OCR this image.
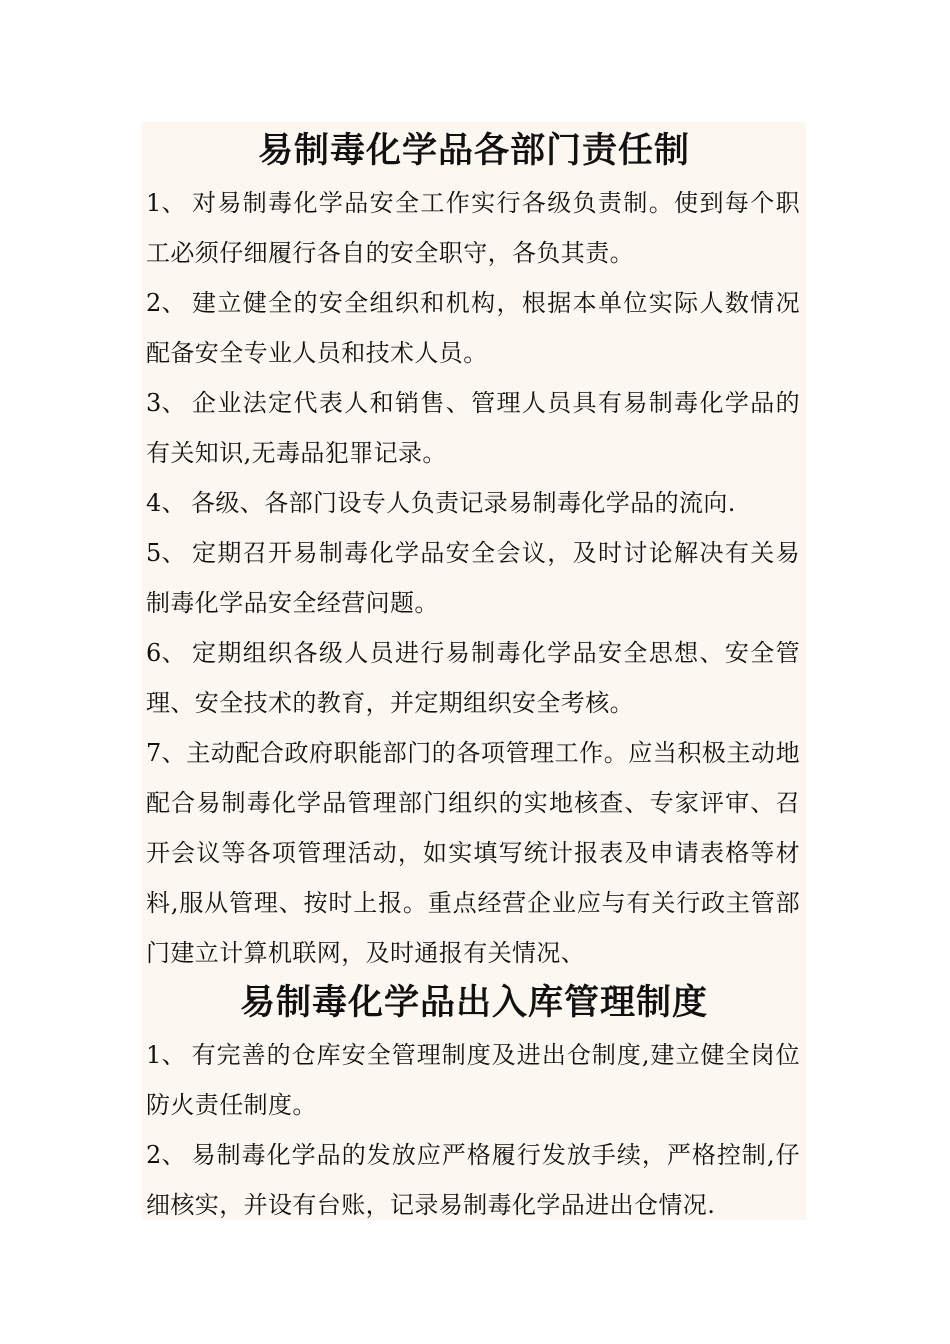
易制毒化学品各部门责任制
1、 对易制毒化学品安全工作实行各级负责制。使到每个职工必须仔细履行各自的安全职守，各负其责。
2、 建立健全的安全组织和机构，根据本单位实际人数情况配备安全专业人员和技术人员。
3、 企业法定代表人和销售、管理人员具有易制毒化学品的有关知识,无毒品犯罪记录。
4、 各级、各部门设专人负责记录易制毒化学品的流向.
5、 定期召开易制毒化学品安全会议，及时讨论解决有关易制毒化学品安全经营问题。
6、 定期组织各级人员进行易制毒化学品安全思想、安全管理、安全技术的教育，并定期组织安全考核。
7、主动配合政府职能部门的各项管理工作。应当积极主动地配合易制毒化学品管理部门组织的实地核查、专家评审、召开会议等各项管理活动，如实填写统计报表及申请表格等材料,服从管理、按时上报。重点经营企业应与有关行政主管部门建立计算机联网，及时通报有关情况、
易制毒化学品出入库管理制度
1、 有完善的仓库安全管理制度及进出仓制度,建立健全岗位防火责任制度。
2、 易制毒化学品的发放应严格履行发放手续，严格控制,仔细核实，并设有台账，记录易制毒化学品进出仓情况.
